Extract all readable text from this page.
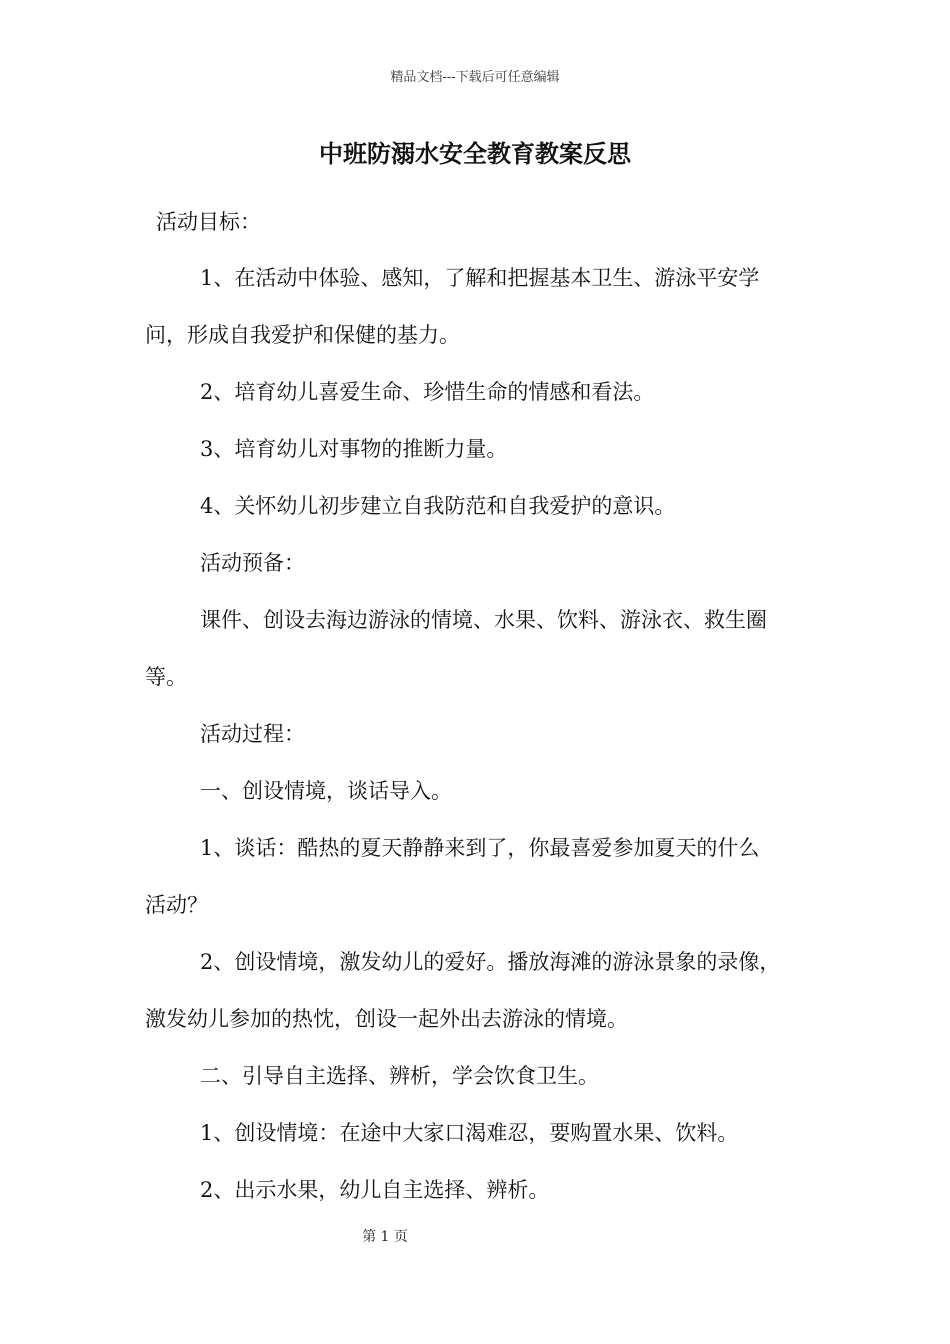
精品文档---下载后可任意编辑
中班防溺水安全教育教案反思
活动目标：
1、在活动中体验、感知，了解和把握基本卫生、游泳平安学
问，形成自我爱护和保健的基力。
2、培育幼儿喜爱生命、珍惜生命的情感和看法。
3、培育幼儿对事物的推断力量。
4、关怀幼儿初步建立自我防范和自我爱护的意识。
活动预备：
课件、创设去海边游泳的情境、水果、饮料、游泳衣、救生圈
等。
活动过程：
一、创设情境，谈话导入。
1、谈话：酷热的夏天静静来到了，你最喜爱参加夏天的什么
活动？
2、创设情境，激发幼儿的爱好。播放海滩的游泳景象的录像，
激发幼儿参加的热忱，创设一起外出去游泳的情境。
二、引导自主选择、辨析，学会饮食卫生。
1、创设情境：在途中大家口渴难忍，要购置水果、饮料。
2、出示水果，幼儿自主选择、辨析。
第 1 页
